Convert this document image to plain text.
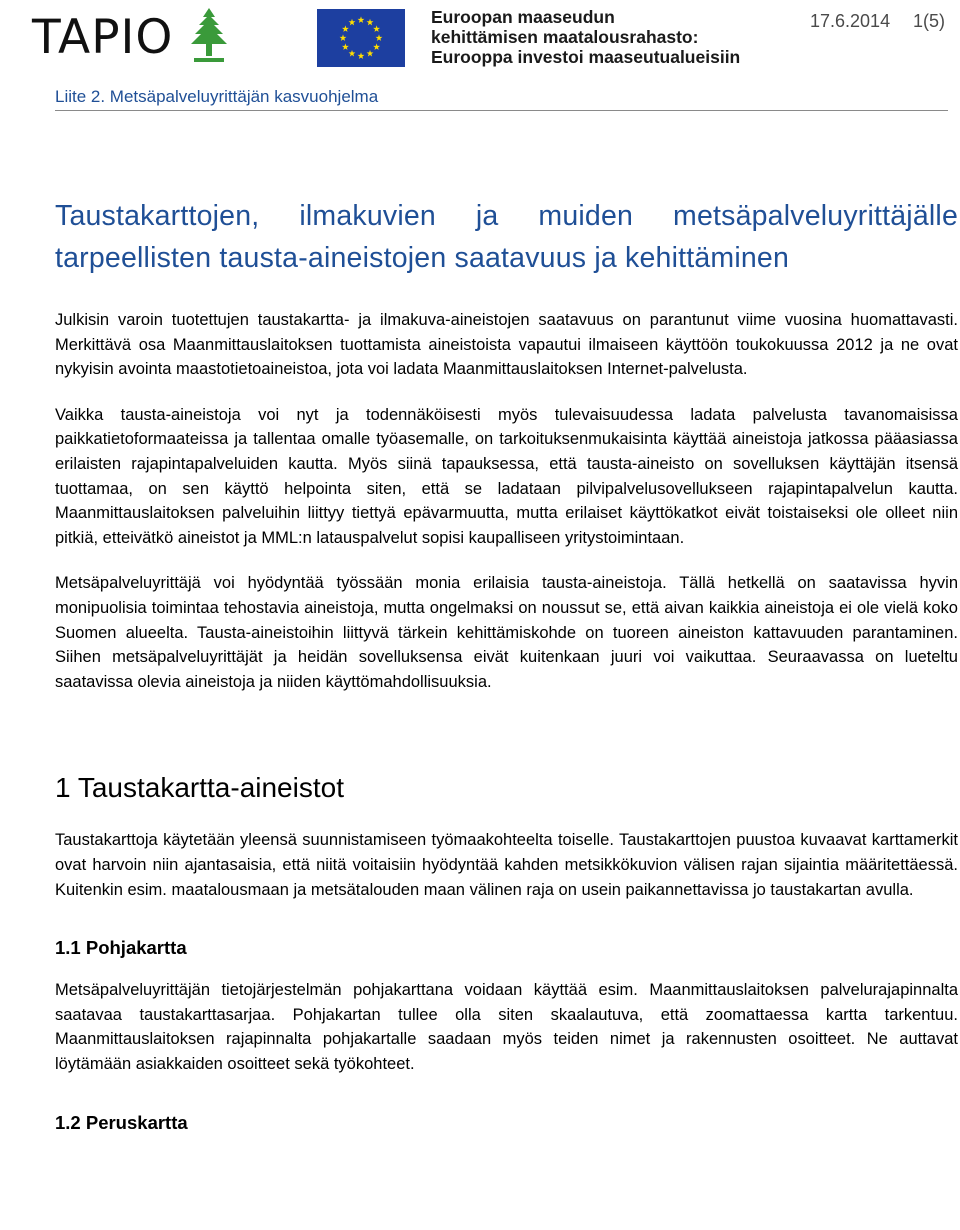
TAPIO	Euroopan maaseudun
kehittämisen maatalousrahasto:
Eurooppa investoi maaseutualueisiin
17.6.2014 1(5)
Liite 2. Metsäpalveluyrittäjän kasvuohjelma
Taustakarttojen, ilmakuvien ja muiden metsäpalveluyrittäjälle tarpeellisten tausta-aineistojen saatavuus ja kehittäminen

Julkisin varoin tuotettujen taustakartta- ja ilmakuva-aineistojen saatavuus on parantunut viime vuosina huomattavasti. Merkittävä osa Maanmittauslaitoksen tuottamista aineistoista vapautui ilmaiseen käyttöön toukokuussa 2012 ja ne ovat nykyisin avointa maastotietoaineistoa, jota voi ladata Maanmittauslaitoksen Internet-palvelusta.

Vaikka tausta-aineistoja voi nyt ja todennäköisesti myös tulevaisuudessa ladata palvelusta tavanomaisissa paikkatietoformaateissa ja tallentaa omalle työasemalle, on tarkoituksenmukaisinta käyttää aineistoja jatkossa pääasiassa erilaisten rajapintapalveluiden kautta. Myös siinä tapauksessa, että tausta-aineisto on sovelluksen käyttäjän itsensä tuottamaa, on sen käyttö helpointa siten, että se ladataan pilvipalvelusovellukseen rajapintapalvelun kautta. Maanmittauslaitoksen palveluihin liittyy tiettyä epävarmuutta, mutta erilaiset käyttökatkot eivät toistaiseksi ole olleet niin pitkiä, etteivätkö aineistot ja MML:n latauspalvelut sopisi kaupalliseen yritystoimintaan.

Metsäpalveluyrittäjä voi hyödyntää työssään monia erilaisia tausta-aineistoja. Tällä hetkellä on saatavissa hyvin monipuolisia toimintaa tehostavia aineistoja, mutta ongelmaksi on noussut se, että aivan kaikkia aineistoja ei ole vielä koko Suomen alueelta. Tausta-aineistoihin liittyvä tärkein kehittämiskohde on tuoreen aineiston kattavuuden parantaminen. Siihen metsäpalveluyrittäjät ja heidän sovelluksensa eivät kuitenkaan juuri voi vaikuttaa. Seuraavassa on lueteltu saatavissa olevia aineistoja ja niiden käyttömahdollisuuksia.

1 Taustakartta-aineistot

Taustakarttoja käytetään yleensä suunnistamiseen työmaakohteelta toiselle. Taustakarttojen puustoa kuvaavat karttamerkit ovat harvoin niin ajantasaisia, että niitä voitaisiin hyödyntää kahden metsikkökuvion välisen rajan sijaintia määritettäessä. Kuitenkin esim. maatalousmaan ja metsätalouden maan välinen raja on usein paikannettavissa jo taustakartan avulla.

1.1 Pohjakartta

Metsäpalveluyrittäjän tietojärjestelmän pohjakarttana voidaan käyttää esim. Maanmittauslaitoksen palvelurajapinnalta saatavaa taustakarttasarjaa. Pohjakartan tullee olla siten skaalautuva, että zoomattaessa kartta tarkentuu. Maanmittauslaitoksen rajapinnalta pohjakartalle saadaan myös teiden nimet ja rakennusten osoitteet. Ne auttavat löytämään asiakkaiden osoitteet sekä työkohteet.

1.2 Peruskartta
